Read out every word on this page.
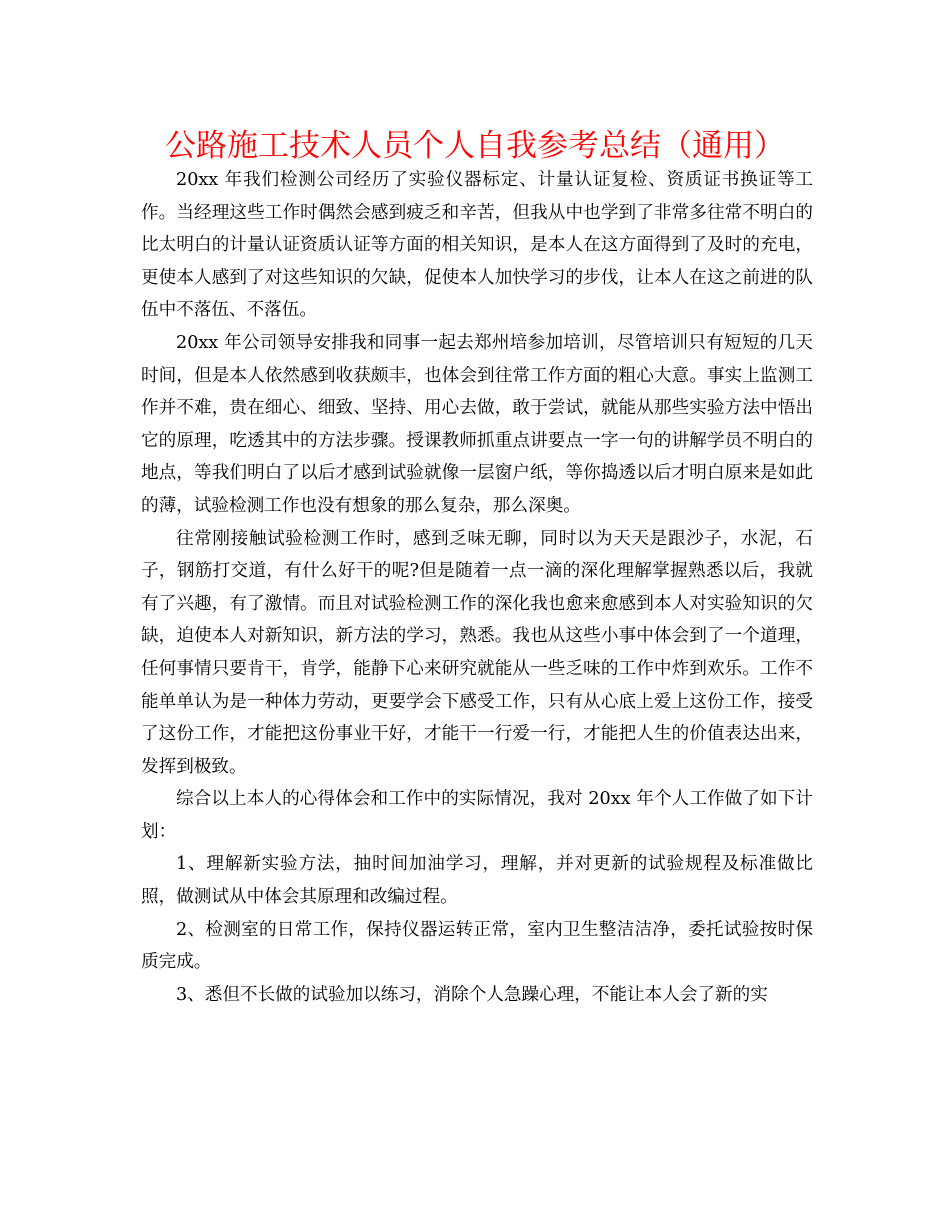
公路施工技术人员个人自我参考总结（通用）

20xx 年我们检测公司经历了实验仪器标定、计量认证复检、资质证书换证等工作。当经理这些工作时偶然会感到疲乏和辛苦，但我从中也学到了非常多往常不明白的比太明白的计量认证资质认证等方面的相关知识，是本人在这方面得到了及时的充电，更使本人感到了对这些知识的欠缺，促使本人加快学习的步伐，让本人在这之前进的队伍中不落伍、不落伍。

20xx 年公司领导安排我和同事一起去郑州培参加培训，尽管培训只有短短的几天时间，但是本人依然感到收获颇丰，也体会到往常工作方面的粗心大意。事实上监测工作并不难，贵在细心、细致、坚持、用心去做，敢于尝试，就能从那些实验方法中悟出它的原理，吃透其中的方法步骤。授课教师抓重点讲要点一字一句的讲解学员不明白的地点，等我们明白了以后才感到试验就像一层窗户纸，等你捣透以后才明白原来是如此的薄，试验检测工作也没有想象的那么复杂，那么深奥。

往常刚接触试验检测工作时，感到乏味无聊，同时以为天天是跟沙子，水泥，石子，钢筋打交道，有什么好干的呢?但是随着一点一滴的深化理解掌握熟悉以后，我就有了兴趣，有了激情。而且对试验检测工作的深化我也愈来愈感到本人对实验知识的欠缺，迫使本人对新知识，新方法的学习，熟悉。我也从这些小事中体会到了一个道理，任何事情只要肯干，肯学，能静下心来研究就能从一些乏味的工作中炸到欢乐。工作不能单单认为是一种体力劳动，更要学会下感受工作，只有从心底上爱上这份工作，接受了这份工作，才能把这份事业干好，才能干一行爱一行，才能把人生的价值表达出来，发挥到极致。

综合以上本人的心得体会和工作中的实际情况，我对 20xx 年个人工作做了如下计划：

1、理解新实验方法，抽时间加油学习，理解，并对更新的试验规程及标准做比照，做测试从中体会其原理和改编过程。

2、检测室的日常工作，保持仪器运转正常，室内卫生整洁洁净，委托试验按时保质完成。

3、悉但不长做的试验加以练习，消除个人急躁心理，不能让本人会了新的实
